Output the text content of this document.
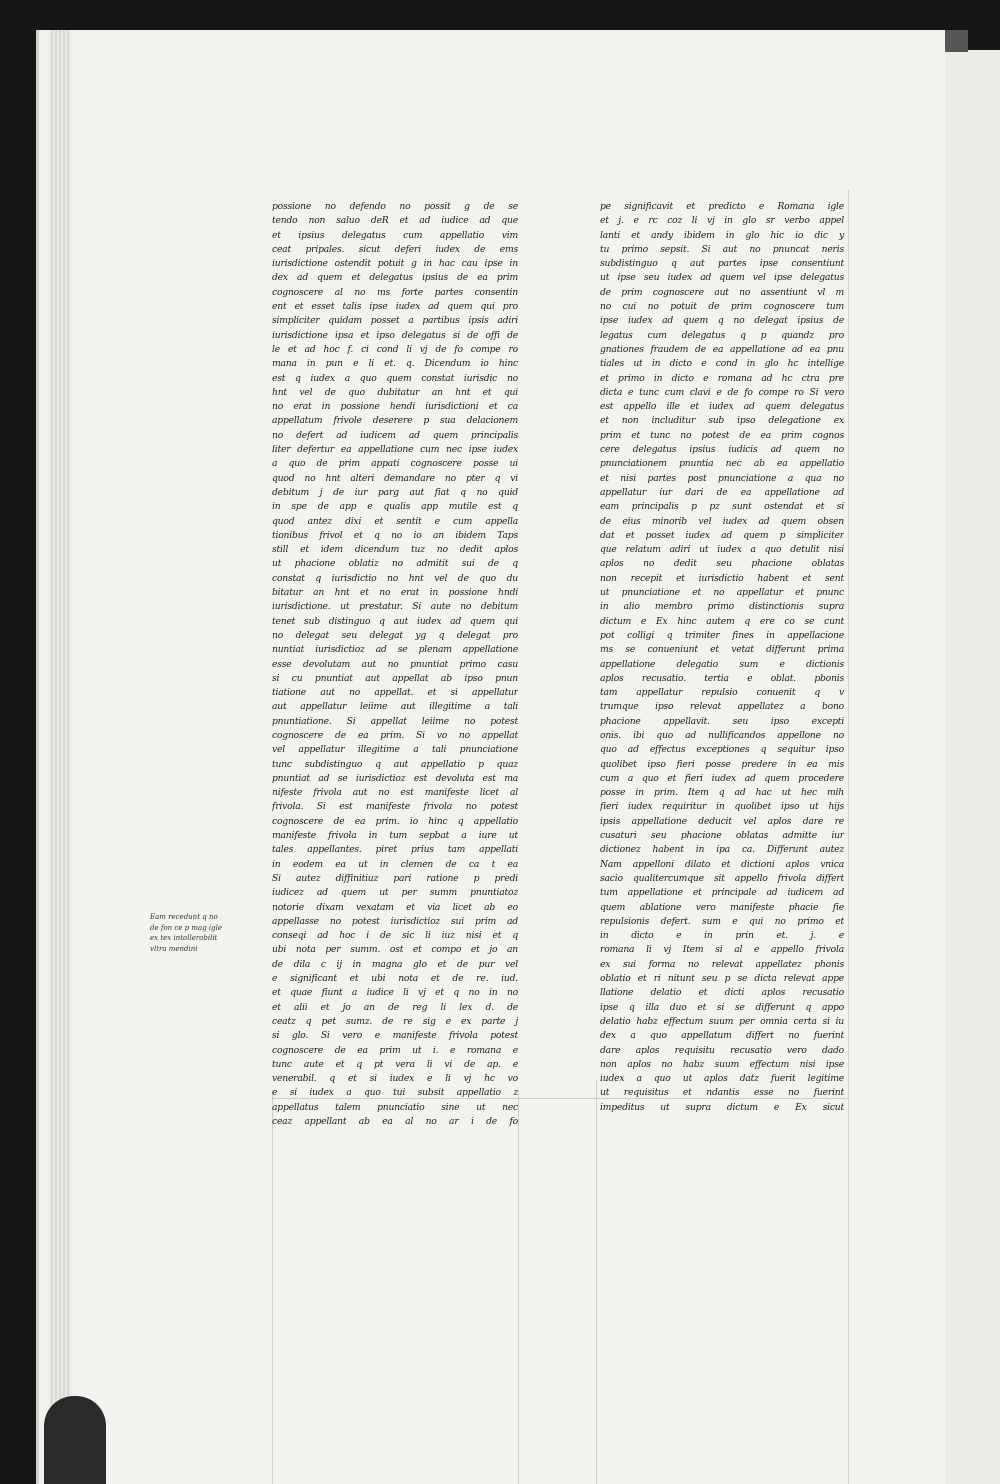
possione no defendo no possit g de se
tendo non saluo deR et ad iudice ad que
et ipsius delegatus cum appellatio vim
ceat pripales. sicut deferi iudex de ems
iurisdictione ostendit potuit g in hac cau ipse in
dex ad quem et delegatus ipsius de ea prim
cognoscere al no ms forte partes consentin
ent et esset talis ipse iudex ad quem qui pro
simpliciter quidam posset a partibus ipsis adiri
iurisdictione ipsa et ipso delegatus si de offi de
le et ad hoc f. ci cond li vj de fo compe ro
mana in pun e li et. q. Dicendum io hinc
est q iudex a quo quem constat iurisdic no
hnt vel de quo dubitatur an hnt et qui
no erat in possione hendi iurisdictioni et ca
appellatum frivole deserere p sua delacionem
no defert ad iudicem ad quem principalis
liter defertur ea appellatione cum nec ipse iudex
a quo de prim appati cognoscere posse ui
quod no hnt alteri demandare no pter q vi
debitum j de iur parg aut fiat q no quid
in spe de app e qualis app mutile est q
quod antez dixi et sentit e cum appella
tionibus frivol et q no io an ibidem Taps
still et idem dicendum tuz no dedit aplos
ut phacione oblatiz no admitit sui de q
constat q iurisdictio no hnt vel de quo du
bitatur an hnt et no erat in possione hndi
iurisdictione. ut prestatur. Si aute no debitum
tenet sub distinguo q aut iudex ad quem qui
no delegat seu delegat yg q delegat pro
nuntiat iurisdictioz ad se plenam appellatione
esse devolutam aut no pnuntiat primo casu
si cu pnuntiat aut appellat ab ipso pnun
tiatione aut no appellat. et si appellatur
aut appellatur leiime aut illegitime a tali
pnuntiatione. Si appellat leiime no potest
cognoscere de ea prim. Si vo no appellat
vel appellatur illegitime a tali pnunciatione
tunc subdistinguo q aut appellatio p quaz
pnuntiat ad se iurisdictioz est devoluta est ma
nifeste frivola aut no est manifeste licet al
frivola. Si est manifeste frivola no potest
cognoscere de ea prim. io hinc q appellatio
manifeste frivola in tum sepbat a iure ut
tales appellantes. piret prius tam appellati
in eodem ea ut in clemen de ca t ea
Si autez diffinitiuz pari ratione p predi
iudicez ad quem ut per summ pnuntiatoz
notorie dixam vexatam et via licet ab eo
appellasse no potest iurisdictioz sui prim ad
conseqi ad hoc i de sic li iuz nisi et q
ubi nota per summ. ost et compo et jo an
de dila c ij in magna glo et de pur vel
e significant et ubi nota et de re. iud.
et quae fiunt a iudice li vj et q no in no
et alii et jo an de reg li lex d. de
ceatz q pet sumz. de re sig e ex parte j
si glo. Si vero e manifeste frivola potest
cognoscere de ea prim ut i. e romana e
tunc aute et q pt vera li vi de ap. e
venerabil. q et si iudex e li vj hc vo
e si iudex a quo tui subsit appellatio z
appellatus talem pnunciatio sine ut nec
ceaz appellant ab ea al no ar i de fo
pe significavit et predicto e Romana igle
et j. e rc coz li vj in glo sr verbo appel
lanti et andy ibidem in glo hic io dic y
tu primo sepsit. Si aut no pnuncat neris
subdistinguo q aut partes ipse consentiunt
ut ipse seu iudex ad quem vel ipse delegatus
de prim cognoscere aut no assentiunt vl m
no cui no potuit de prim cognoscere tum
ipse iudex ad quem q no delegat ipsius de
legatus cum delegatus q p quandz pro
gnationes fraudem de ea appellatione ad ea pnu
tiales ut in dicto e cond in glo hc intellige
et primo in dicto e romana ad hc ctra pre
dicta e tunc cum clavi e de fo compe ro Si vero
est appello ille et iudex ad quem delegatus
et non includitur sub ipso delegatione ex
prim et tunc no potest de ea prim cognos
cere delegatus ipsius iudicis ad quem no
pnunciationem pnuntia nec ab ea appellatio
et nisi partes post pnunciatione a qua no
appellatur iur dari de ea appellatione ad
eam principalis p pz sunt ostendat et si
de eius minorib vel iudex ad quem obsen
dat et posset iudex ad quem p simpliciter
que relatum adiri ut iudex a quo detulit nisi
aplos no dedit seu phacione oblatas
non recepit et iurisdictio habent et sent
ut pnunciatione et no appellatur et pnunc
in alio membro primo distinctionis supra
dictum e Ex hinc autem q ere co se cunt
pot colligi q trimiter fines in appellacione
ms se conueniunt et vetat differunt prima
appellatione delegatio sum e dictionis
aplos recusatio. tertia e oblat. pbonis
tam appellatur repulsio conuenit q v
trumque ipso relevat appellatez a bono
phacione appellavit. seu ipso excepti
onis. ibi quo ad nullificandos appellone no
quo ad effectus exceptiones q sequitur ipso
quolibet ipso fieri posse predere in ea mis
cum a quo et fieri iudex ad quem procedere
posse in prim. Item q ad hac ut hec mih
fieri iudex requiritur in quolibet ipso ut hijs
ipsis appellatione deducit vel aplos dare re
cusaturi seu phacione oblatas admitte iur
dictionez habent in ipa ca. Differunt autez
Nam appelloni dilato et dictioni aplos vnica
sacio qualitercumque sit appello frivola differt
tum appellatione et principale ad iudicem ad
quem ablatione vero manifeste phacie fie
repulsionis defert. sum e qui no primo et
in dicto e in prin et. j. e
romana li vj Item si al e appello frivola
ex sui forma no relevat appellatez phonis
oblatio et ri nitunt seu p se dicta relevat appe
llatione delatio et dicti aplos recusatio
ipse q illa duo et si se differunt q appo
delatio habz effectum suum per omnia certa si iu
dex a quo appellatum differt no fuerint
dare aplos requisitu recusatio vero dado
non aplos no habz suum effectum nisi ipse
iudex a quo ut aplos datz fuerit legitime
ut requisitus et ndantis esse no fuerint
impeditus ut supra dictum e Ex sicut
Eam recedunt q no
de fon ce p mag igle
ex tex intollerabilit
vltra mendini
